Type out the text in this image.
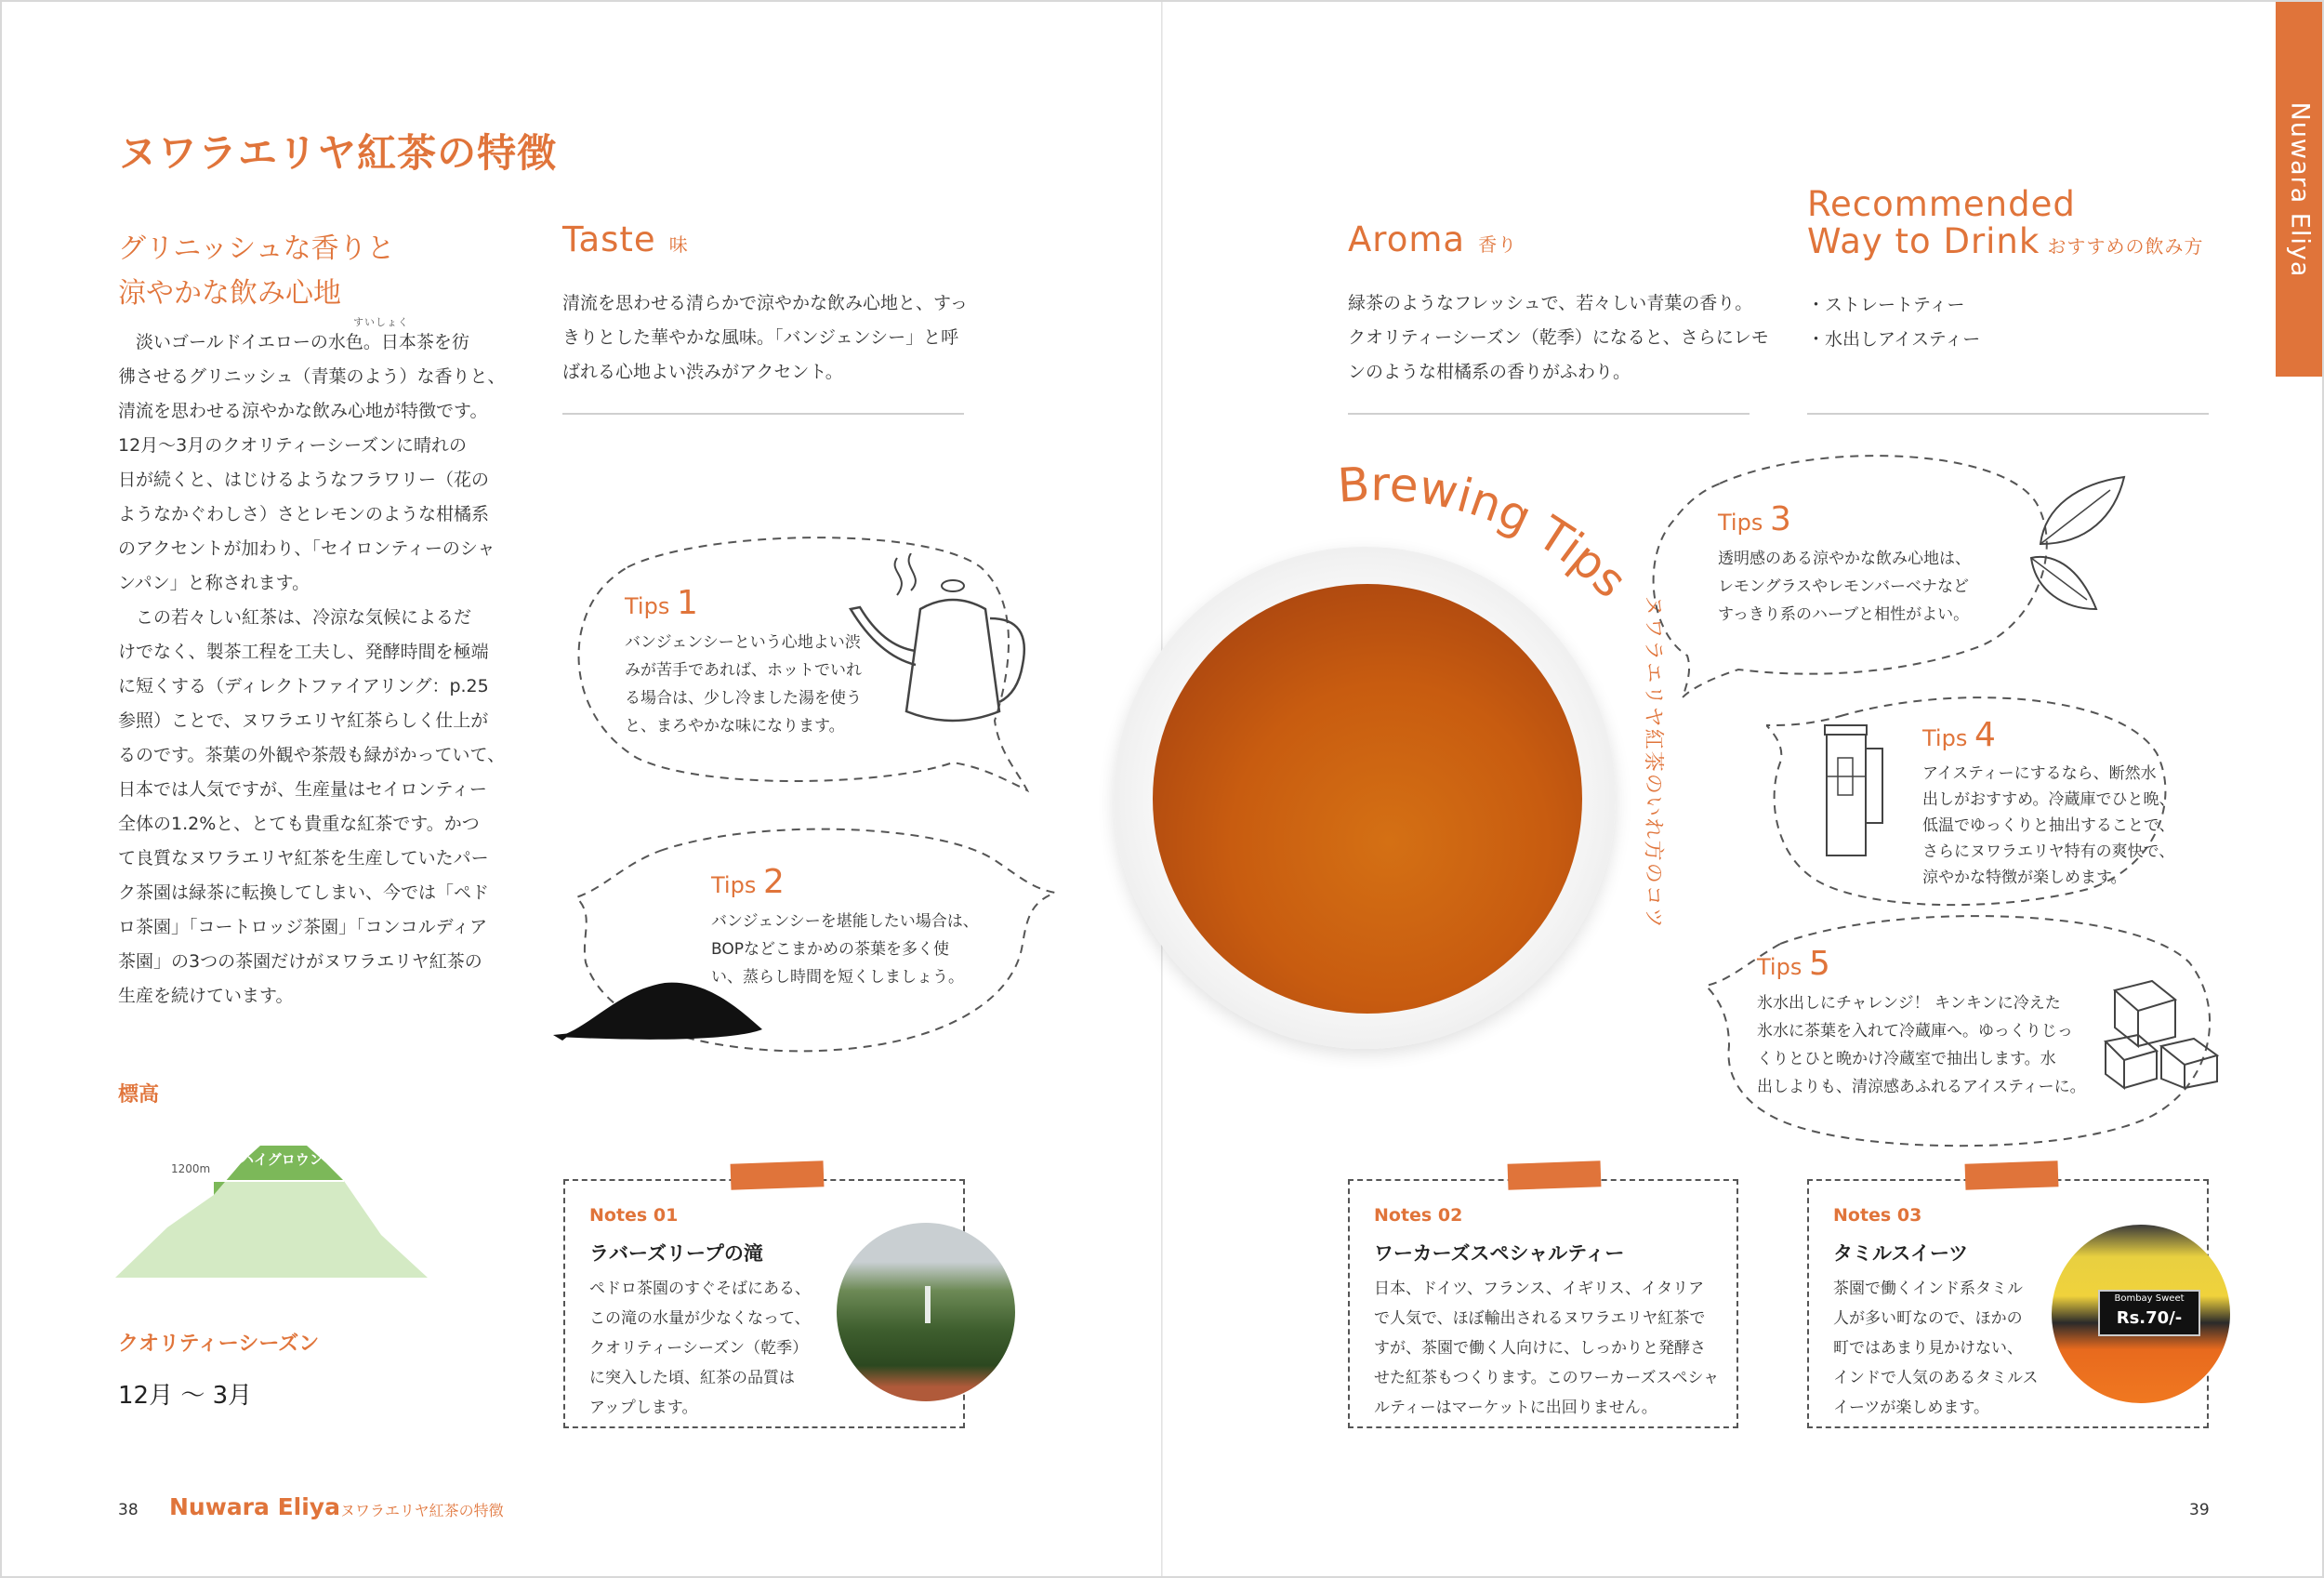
ヌワラエリヤ紅茶の特徴
グリニッシュな香りと
涼やかな飲み心地
すいしょく
淡いゴールドイエローの水色。日本茶を彷
彿させるグリニッシュ（青葉のよう）な香りと、
清流を思わせる涼やかな飲み心地が特徴です。
12月〜3月のクオリティーシーズンに晴れの
日が続くと、はじけるようなフラワリー（花の
ようなかぐわしさ）さとレモンのような柑橘系
のアクセントが加わり、「セイロンティーのシャ
ンパン」と称されます。
この若々しい紅茶は、冷涼な気候によるだ
けでなく、製茶工程を工夫し、発酵時間を極端
に短くする（ディレクトファイアリング：p.25
参照）ことで、ヌワラエリヤ紅茶らしく仕上が
るのです。茶葉の外観や茶殻も緑がかっていて、
日本では人気ですが、生産量はセイロンティー
全体の1.2%と、とても貴重な紅茶です。かつ
て良質なヌワラエリヤ紅茶を生産していたパー
ク茶園は緑茶に転換してしまい、今では「ペド
ロ茶園」「コートロッジ茶園」「コンコルディア
茶園」の3つの茶園だけがヌワラエリヤ紅茶の
生産を続けています。
標高
1200m
ハイグロウン
クオリティーシーズン
12月 〜 3月
Taste 味
清流を思わせる清らかで涼やかな飲み心地と、すっ
きりとした華やかな風味。「バンジェンシー」と呼
ばれる心地よい渋みがアクセント。
Tips 1
バンジェンシーという心地よい渋
みが苦手であれば、ホットでいれ
る場合は、少し冷ました湯を使う
と、まろやかな味になります。
Tips 2
バンジェンシーを堪能したい場合は、
BOPなどこまかめの茶葉を多く使
い、蒸らし時間を短くしましょう。
Notes 01
ラバーズリープの滝
ペドロ茶園のすぐそばにある、
この滝の水量が少なくなって、
クオリティーシーズン（乾季）
に突入した頃、紅茶の品質は
アップします。
38 Nuwara Eliya ヌワラエリヤ紅茶の特徴
Brewing Tips
ヌワラエリヤ紅茶のいれ方のコツ
Nuwara Eliya
Aroma 香り
緑茶のようなフレッシュで、若々しい青葉の香り。
クオリティーシーズン（乾季）になると、さらにレモ
ンのような柑橘系の香りがふわり。
Recommended
Way to Drink おすすめの飲み方
・ストレートティー
・水出しアイスティー
Tips 3
透明感のある涼やかな飲み心地は、
レモングラスやレモンバーベナなど
すっきり系のハーブと相性がよい。
Tips 4
アイスティーにするなら、断然水
出しがおすすめ。冷蔵庫でひと晩、
低温でゆっくりと抽出することで、
さらにヌワラエリヤ特有の爽快で、
涼やかな特徴が楽しめます。
Tips 5
氷水出しにチャレンジ！ キンキンに冷えた
氷水に茶葉を入れて冷蔵庫へ。ゆっくりじっ
くりとひと晩かけ冷蔵室で抽出します。水
出しよりも、清涼感あふれるアイスティーに。
Notes 02
ワーカーズスペシャルティー
日本、ドイツ、フランス、イギリス、イタリア
で人気で、ほぼ輸出されるヌワラエリヤ紅茶で
すが、茶園で働く人向けに、しっかりと発酵さ
せた紅茶もつくります。このワーカーズスペシャ
ルティーはマーケットに出回りません。
Notes 03
タミルスイーツ
茶園で働くインド系タミル
人が多い町なので、ほかの
町ではあまり見かけない、
インドで人気のあるタミルス
イーツが楽しめます。
Bombay Sweet
Rs.70/-
39
